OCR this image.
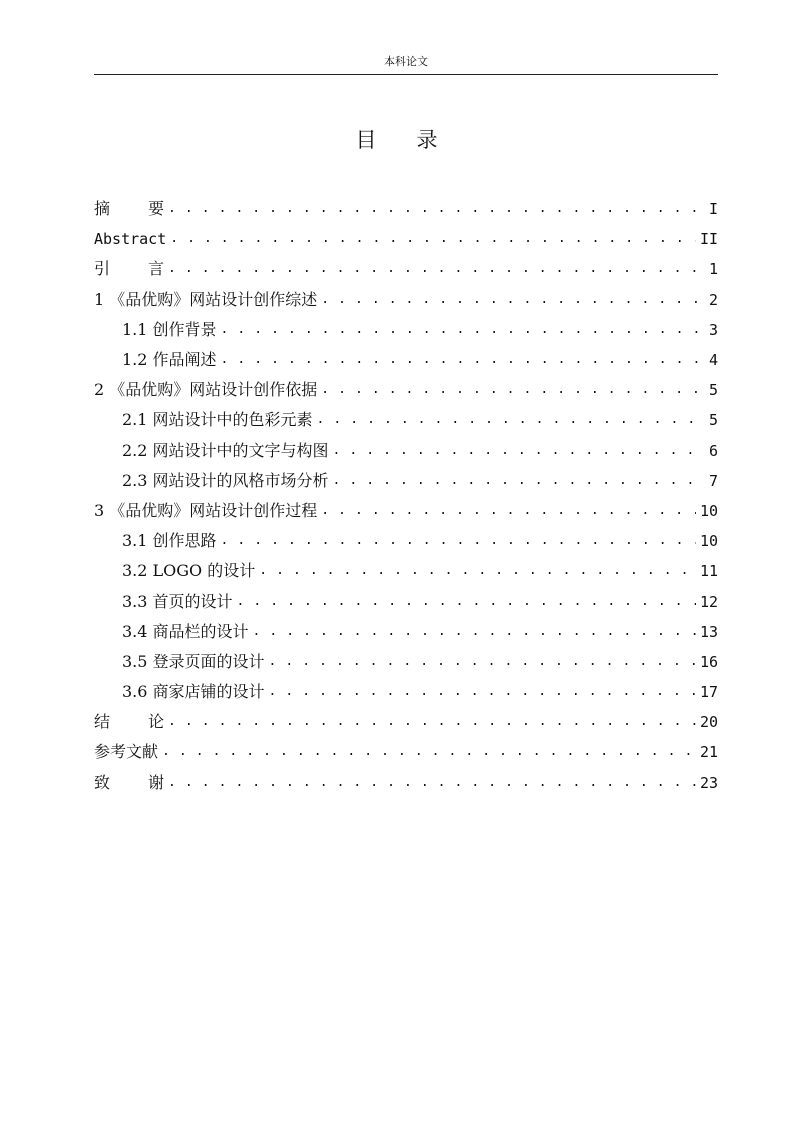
本科论文
目 录
摘 要 . . .	I
Abstract . . .	II
引 言 . . .	1
1 《品优购》网站设计创作综述 . . .	2
1.1 创作背景 . . .	3
1.2 作品阐述 . . .	4
2 《品优购》网站设计创作依据 . . .	5
2.1 网站设计中的色彩元素 . . .	5
2.2 网站设计中的文字与构图 . . .	6
2.3 网站设计的风格市场分析 . . .	7
3 《品优购》网站设计创作过程 . . .	10
3.1 创作思路 . . .	10
3.2 LOGO 的设计 . . .	11
3.3 首页的设计 . . .	12
3.4 商品栏的设计 . . .	13
3.5 登录页面的设计 . . .	16
3.6 商家店铺的设计 . . .	17
结 论 . . .	20
参考文献 . . .	21
致 谢 . . .	23
